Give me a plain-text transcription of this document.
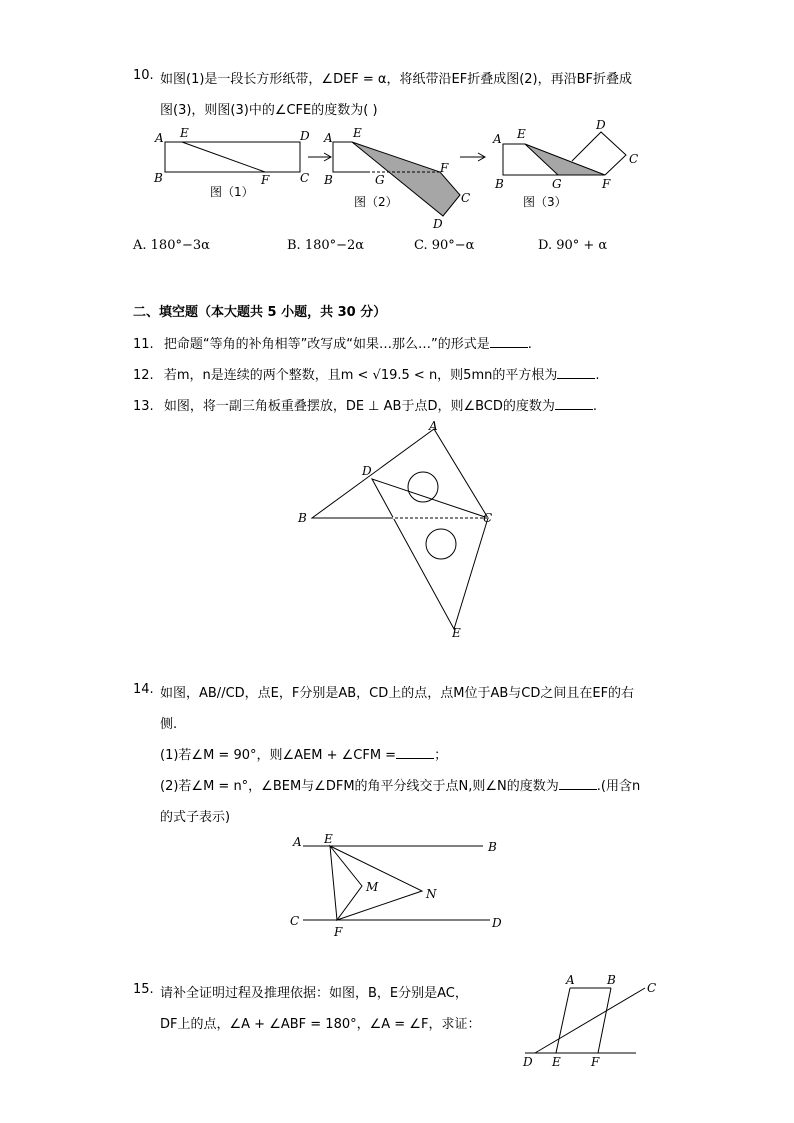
10. 如图(1)是一段长方形纸带，∠DEF = α，将纸带沿EF折叠成图(2)，再沿BF折叠成
图(3)，则图(3)中的∠CFE的度数为( )
A E	D
B	F	C
图（1）
A E
B	G
F
C
D
图（2）
A E
B	G	F
D
C
图（3）
A. 180°−3α	B. 180°−2α	C. 90°−α	D. 90° + α
二、填空题（本大题共 5 小题，共 30 分）
11. 把命题“等角的补角相等”改写成“如果…那么…”的形式是	.
12. 若m，n是连续的两个整数，且m < √19.5 < n，则5mn的平方根为	.
13. 如图，将一副三角板重叠摆放，DE ⊥ AB于点D，则∠BCD的度数为	.
A
B	C
D
E
14. 如图，AB//CD，点E，F分别是AB，CD上的点，点M位于AB与CD之间且在EF的右
侧.
(1)若∠M = 90°，则∠AEM + ∠CFM =	；
(2)若∠M = n°，∠BEM与∠DFM的角平分线交于点N,则∠N的度数为	.(用含n
的式子表示)
A E
B
M	N
C
F
D
15. 请补全证明过程及推理依据：如图，B，E分别是AC，
DF上的点，∠A + ∠ABF = 180°，∠A = ∠F，求证：
A	B
C
D E	F
